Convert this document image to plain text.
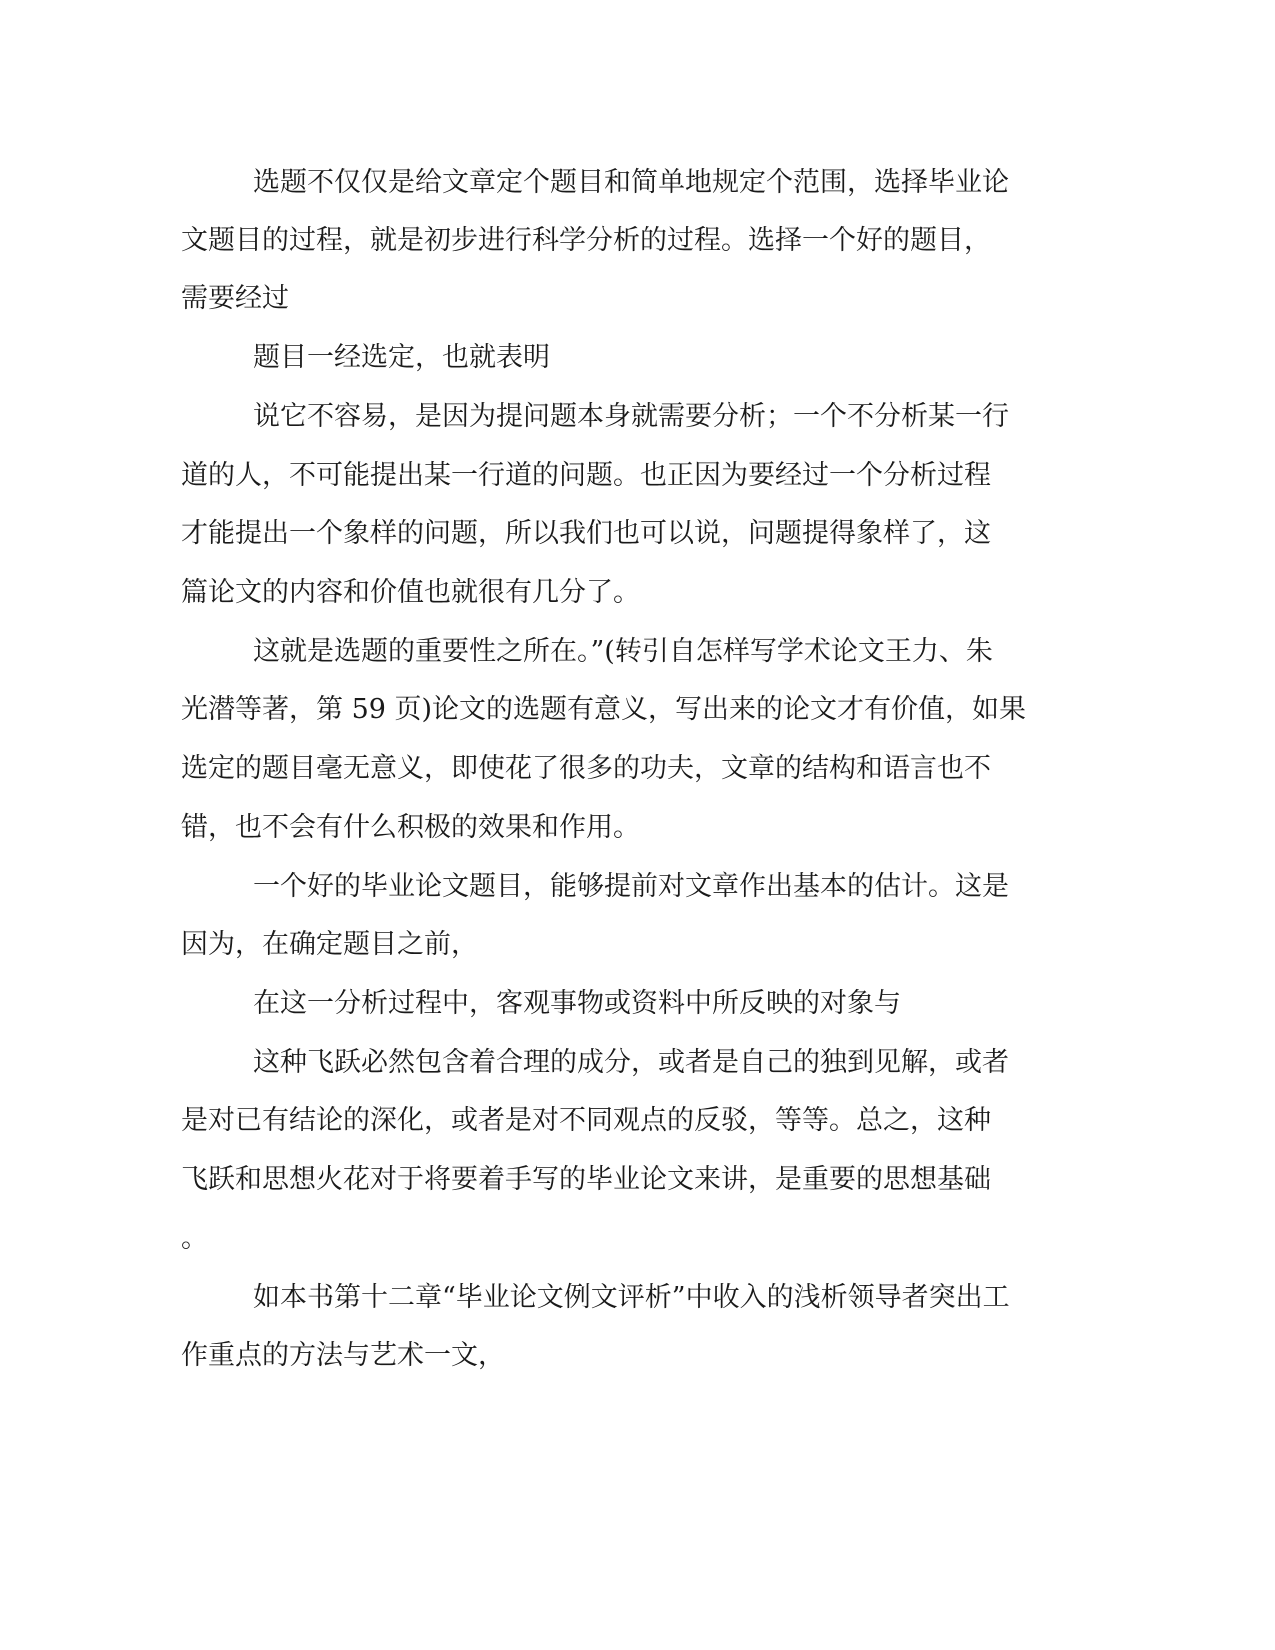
选题不仅仅是给文章定个题目和简单地规定个范围，选择毕业论

文题目的过程，就是初步进行科学分析的过程。选择一个好的题目，

需要经过

题目一经选定，也就表明

说它不容易，是因为提问题本身就需要分析；一个不分析某一行

道的人，不可能提出某一行道的问题。也正因为要经过一个分析过程

才能提出一个象样的问题，所以我们也可以说，问题提得象样了，这

篇论文的内容和价值也就很有几分了。

这就是选题的重要性之所在。”(转引自怎样写学术论文王力、朱

光潜等著，第 59 页)论文的选题有意义，写出来的论文才有价值，如果

选定的题目毫无意义，即使花了很多的功夫，文章的结构和语言也不

错，也不会有什么积极的效果和作用。

一个好的毕业论文题目，能够提前对文章作出基本的估计。这是

因为，在确定题目之前，

在这一分析过程中，客观事物或资料中所反映的对象与

这种飞跃必然包含着合理的成分，或者是自己的独到见解，或者

是对已有结论的深化，或者是对不同观点的反驳，等等。总之，这种

飞跃和思想火花对于将要着手写的毕业论文来讲，是重要的思想基础

。

如本书第十二章“毕业论文例文评析”中收入的浅析领导者突出工

作重点的方法与艺术一文，
